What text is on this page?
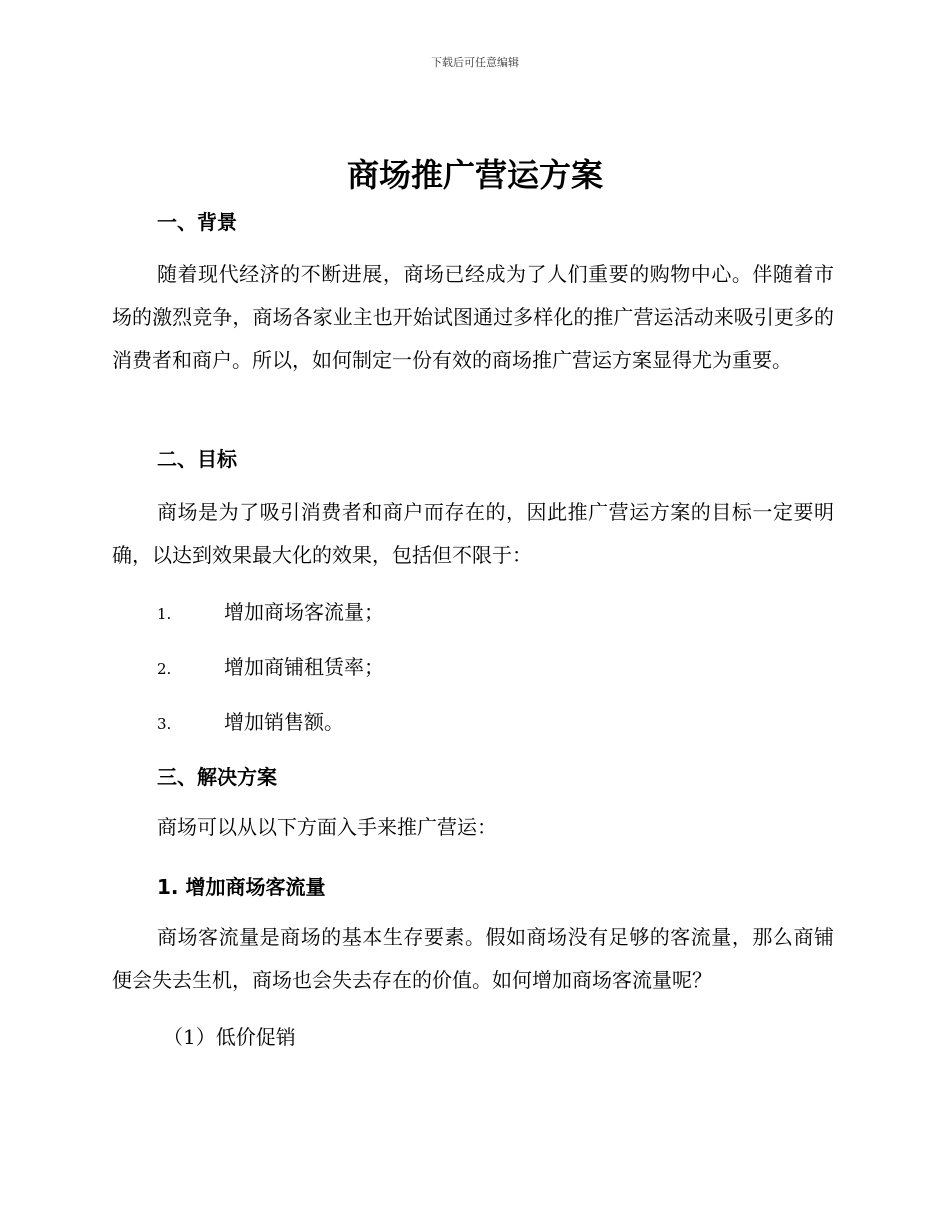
下载后可任意编辑
商场推广营运方案
一、背景

随着现代经济的不断进展，商场已经成为了人们重要的购物中心。伴随着市场的激烈竞争，商场各家业主也开始试图通过多样化的推广营运活动来吸引更多的消费者和商户。所以，如何制定一份有效的商场推广营运方案显得尤为重要。

二、目标

商场是为了吸引消费者和商户而存在的，因此推广营运方案的目标一定要明确，以达到效果最大化的效果，包括但不限于：

1.	增加商场客流量；
2.	增加商铺租赁率；
3.	增加销售额。
三、解决方案

商场可以从以下方面入手来推广营运：

1. 增加商场客流量

商场客流量是商场的基本生存要素。假如商场没有足够的客流量，那么商铺便会失去生机，商场也会失去存在的价值。如何增加商场客流量呢？

（1）低价促销
